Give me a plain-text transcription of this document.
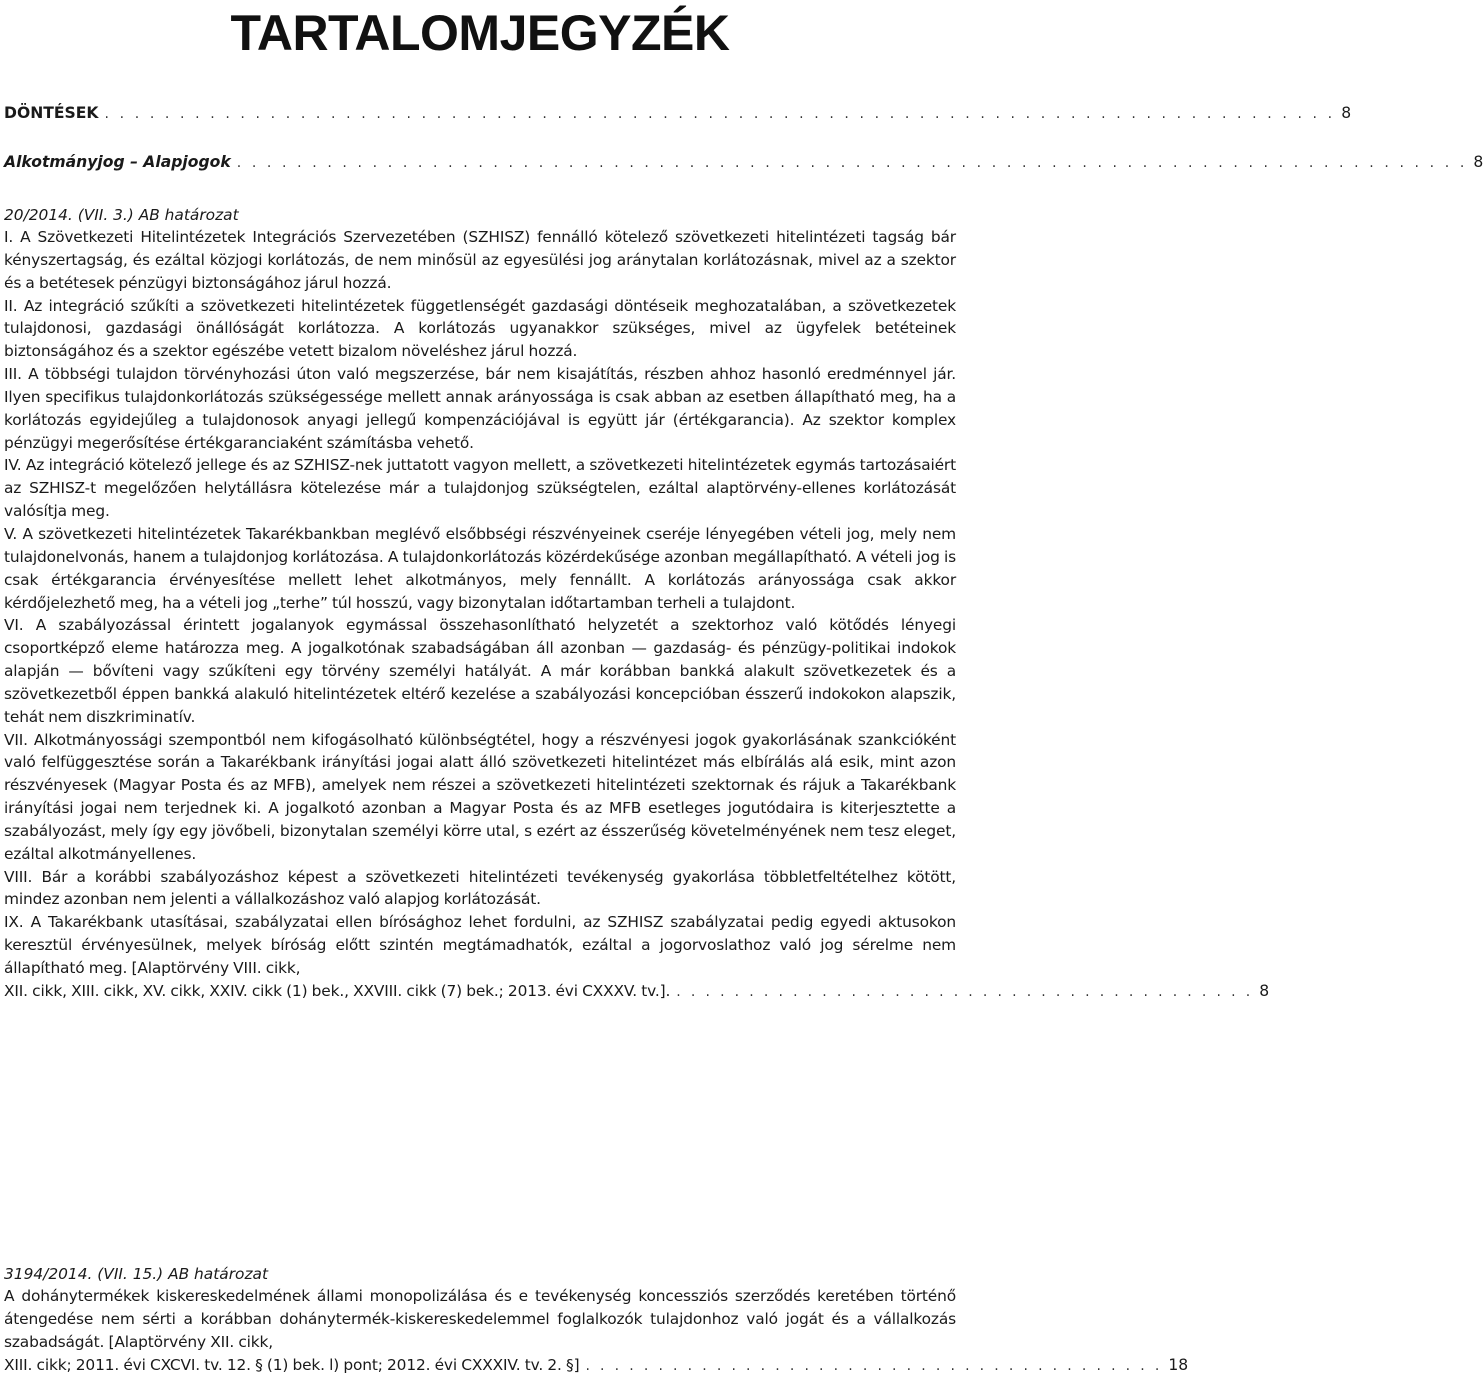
TARTALOMJEGYZÉK
DÖNTÉSEK . . . . . . . . . . . . . . . . . . . . . . . . . . . . . . . . . . . . . . . . . . . . . . . . . . . . . . . . . . . . . . . . . . . . . . . . . . . . . . . . . . 8
Alkotmányjog – Alapjogok . . . . . . . . . . . . . . . . . . . . . . . . . . . . . . . . . . . . . . . . . . . . . . . . . . . . . . . . . . . . . . . . . . . . . . . . . . . . . . . . . . 8
20/2014. (VII. 3.) AB határozat

I. A Szövetkezeti Hitelintézetek Integrációs Szervezetében (SZHISZ) fennálló kötelező szövetkezeti hitelintézeti tagság bár kényszertagság, és ezáltal közjogi korlátozás, de nem minősül az egyesülési jog aránytalan korlátozásnak, mivel az a szektor és a betétesek pénzügyi biztonságához járul hozzá.

II. Az integráció szűkíti a szövetkezeti hitelintézetek függetlenségét gazdasági döntéseik meghozatalában, a szövetkezetek tulajdonosi, gazdasági önállóságát korlátozza. A korlátozás ugyanakkor szükséges, mivel az ügyfelek betéteinek biztonságához és a szektor egészébe vetett bizalom növeléshez járul hozzá.

III. A többségi tulajdon törvényhozási úton való megszerzése, bár nem kisajátítás, részben ahhoz hasonló eredménnyel jár. Ilyen specifikus tulajdonkorlátozás szükségessége mellett annak arányossága is csak abban az esetben állapítható meg, ha a korlátozás egyidejűleg a tulajdonosok anyagi jellegű kompenzációjával is együtt jár (értékgarancia). Az szektor komplex pénzügyi megerősítése értékgaranciaként számításba vehető.

IV. Az integráció kötelező jellege és az SZHISZ-nek juttatott vagyon mellett, a szövetkezeti hitelintézetek egymás tartozásaiért az SZHISZ-t megelőzően helytállásra kötelezése már a tulajdonjog szükségtelen, ezáltal alaptörvény-ellenes korlátozását valósítja meg.

V. A szövetkezeti hitelintézetek Takarékbankban meglévő elsőbbségi részvényeinek cseréje lényegében vételi jog, mely nem tulajdonelvonás, hanem a tulajdonjog korlátozása. A tulajdonkorlátozás közérdekűsége azonban megállapítható. A vételi jog is csak értékgarancia érvényesítése mellett lehet alkotmányos, mely fennállt. A korlátozás arányossága csak akkor kérdőjelezhető meg, ha a vételi jog „terhe” túl hosszú, vagy bizonytalan időtartamban terheli a tulajdont.

VI. A szabályozással érintett jogalanyok egymással összehasonlítható helyzetét a szektorhoz való kötődés lényegi csoportképző eleme határozza meg. A jogalkotónak szabadságában áll azonban — gazdaság- és pénzügy-politikai indokok alapján — bővíteni vagy szűkíteni egy törvény személyi hatályát. A már korábban bankká alakult szövetkezetek és a szövetkezetből éppen bankká alakuló hitelintézetek eltérő kezelése a szabályozási koncepcióban ésszerű indokokon alapszik, tehát nem diszkriminatív.

VII. Alkotmányossági szempontból nem kifogásolható különbségtétel, hogy a részvényesi jogok gyakorlásának szankcióként való felfüggesztése során a Takarékbank irányítási jogai alatt álló szövetkezeti hitelintézet más elbírálás alá esik, mint azon részvényesek (Magyar Posta és az MFB), amelyek nem részei a szövetkezeti hitelintézeti szektornak és rájuk a Takarékbank irányítási jogai nem terjednek ki. A jogalkotó azonban a Magyar Posta és az MFB esetleges jogutódaira is kiterjesztette a szabályozást, mely így egy jövőbeli, bizonytalan személyi körre utal, s ezért az ésszerűség követelményének nem tesz eleget, ezáltal alkotmányellenes.

VIII. Bár a korábbi szabályozáshoz képest a szövetkezeti hitelintézeti tevékenység gyakorlása többletfeltételhez kötött, mindez azonban nem jelenti a vállalkozáshoz való alapjog korlátozását.

IX. A Takarékbank utasításai, szabályzatai ellen bírósághoz lehet fordulni, az SZHISZ szabályzatai pedig egyedi aktusokon keresztül érvényesülnek, melyek bíróság előtt szintén megtámadhatók, ezáltal a jogorvoslathoz való jog sérelme nem állapítható meg. [Alaptörvény VIII. cikk,

XII. cikk, XIII. cikk, XV. cikk, XXIV. cikk (1) bek., XXVIII. cikk (7) bek.; 2013. évi CXXXV. tv.]. . . . . . . . . . . . . . . . . . . . . . . . . . . . . . . . . . . . . . . . . 8
3194/2014. (VII. 15.) AB határozat

A dohánytermékek kiskereskedelmének állami monopolizálása és e tevékenység koncessziós szerződés keretében történő átengedése nem sérti a korábban dohánytermék-kiskereskedelemmel foglalkozók tulajdonhoz való jogát és a vállalkozás szabadságát. [Alaptörvény XII. cikk,

XIII. cikk; 2011. évi CXCVI. tv. 12. § (1) bek. l) pont; 2012. évi CXXXIV. tv. 2. §] . . . . . . . . . . . . . . . . . . . . . . . . . . . . . . . . . . . . . . . . 18
